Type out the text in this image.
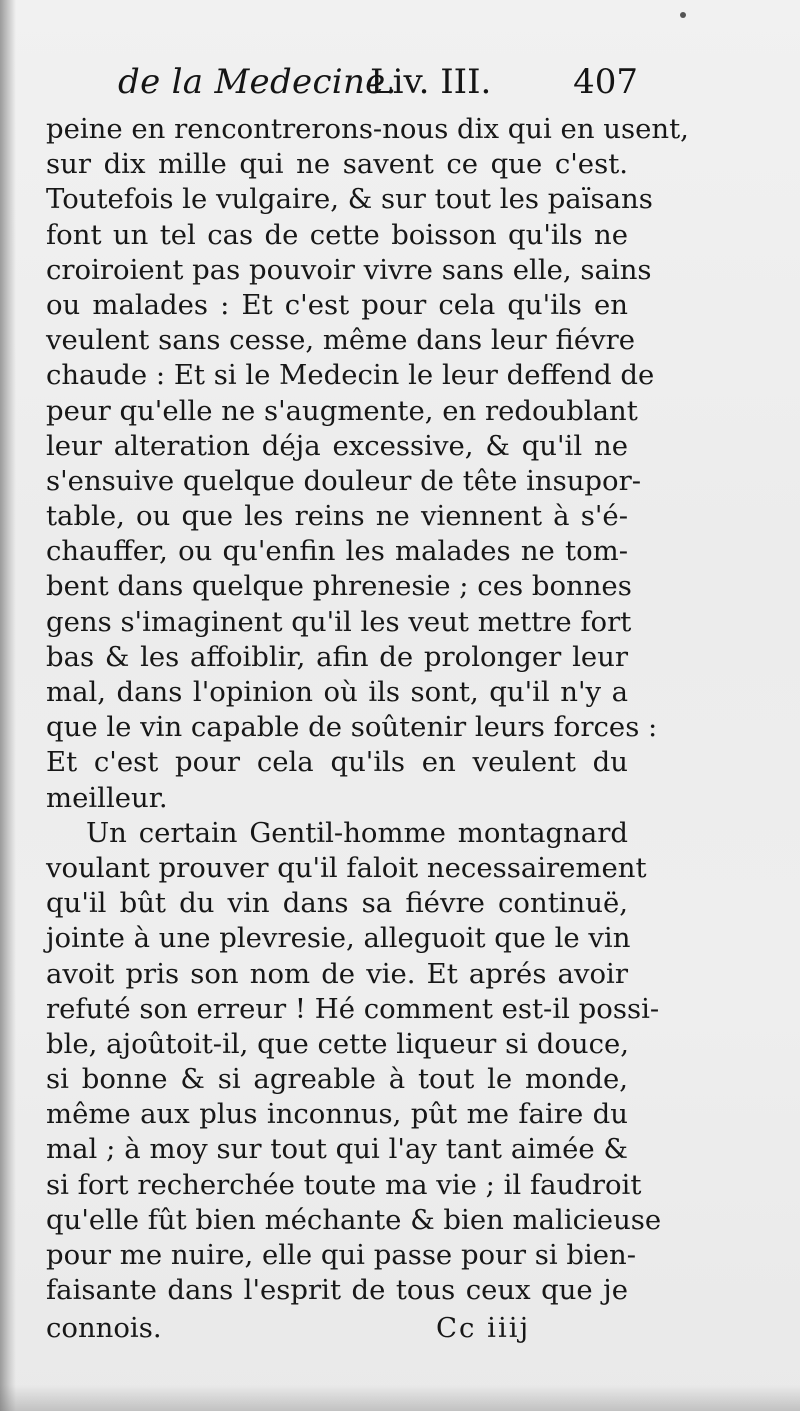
de la Medecine.
Liv. III. 407
peine en rencontrerons-nous dix qui en usent,
sur dix mille qui ne savent ce que c'est.
Toutefois le vulgaire, & sur tout les païsans
font un tel cas de cette boisson qu'ils ne
croiroient pas pouvoir vivre sans elle, sains
ou malades : Et c'est pour cela qu'ils en
veulent sans cesse, même dans leur fiévre
chaude : Et si le Medecin le leur deffend de
peur qu'elle ne s'augmente, en redoublant
leur alteration déja excessive, & qu'il ne
s'ensuive quelque douleur de tête insupor-
table, ou que les reins ne viennent à s'é-
chauffer, ou qu'enfin les malades ne tom-
bent dans quelque phrenesie ; ces bonnes
gens s'imaginent qu'il les veut mettre fort
bas & les affoiblir, afin de prolonger leur
mal, dans l'opinion où ils sont, qu'il n'y a
que le vin capable de soûtenir leurs forces :
Et c'est pour cela qu'ils en veulent du
meilleur.
Un certain Gentil-homme montagnard
voulant prouver qu'il faloit necessairement
qu'il bût du vin dans sa fiévre continuë,
jointe à une plevresie, alleguoit que le vin
avoit pris son nom de vie. Et aprés avoir
refuté son erreur ! Hé comment est-il possi-
ble, ajoûtoit-il, que cette liqueur si douce,
si bonne & si agreable à tout le monde,
même aux plus inconnus, pût me faire du
mal ; à moy sur tout qui l'ay tant aimée &
si fort recherchée toute ma vie ; il faudroit
qu'elle fût bien méchante & bien malicieuse
pour me nuire, elle qui passe pour si bien-
faisante dans l'esprit de tous ceux que je
connois.	Cc iiij
